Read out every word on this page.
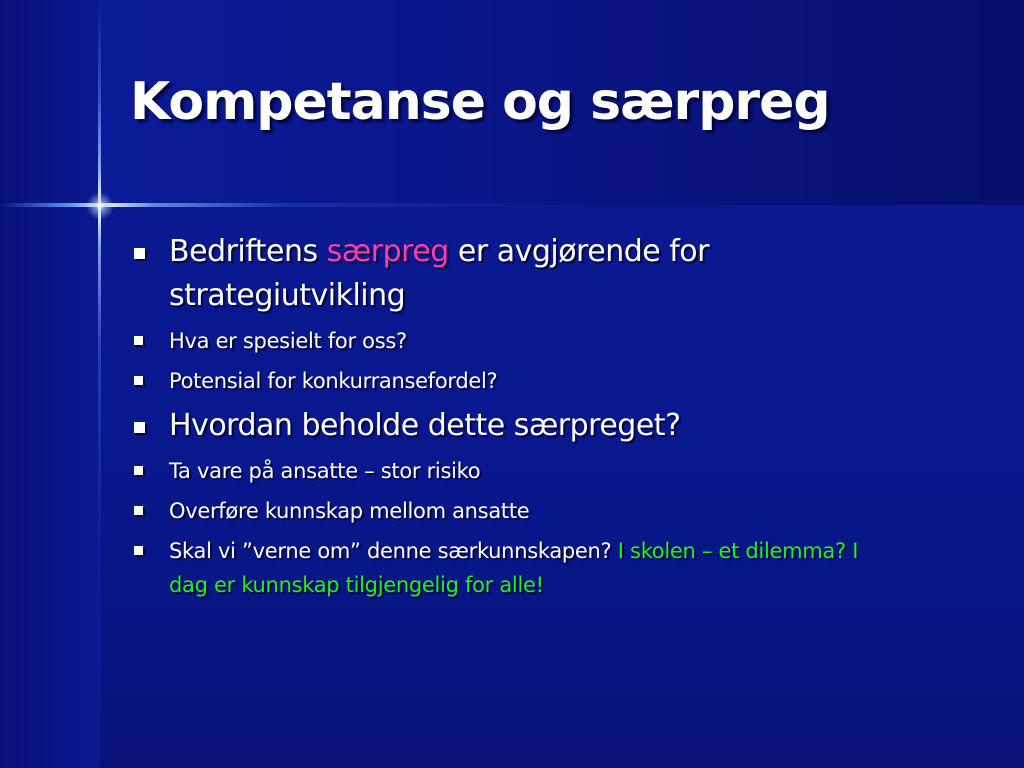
Kompetanse og særpreg
Bedriftens særpreg er avgjørende for strategiutvikling
Hva er spesielt for oss?
Potensial for konkurransefordel?
Hvordan beholde dette særpreget?
Ta vare på ansatte – stor risiko
Overføre kunnskap mellom ansatte
Skal vi ”verne om” denne særkunnskapen? I skolen – et dilemma? I dag er kunnskap tilgjengelig for alle!
